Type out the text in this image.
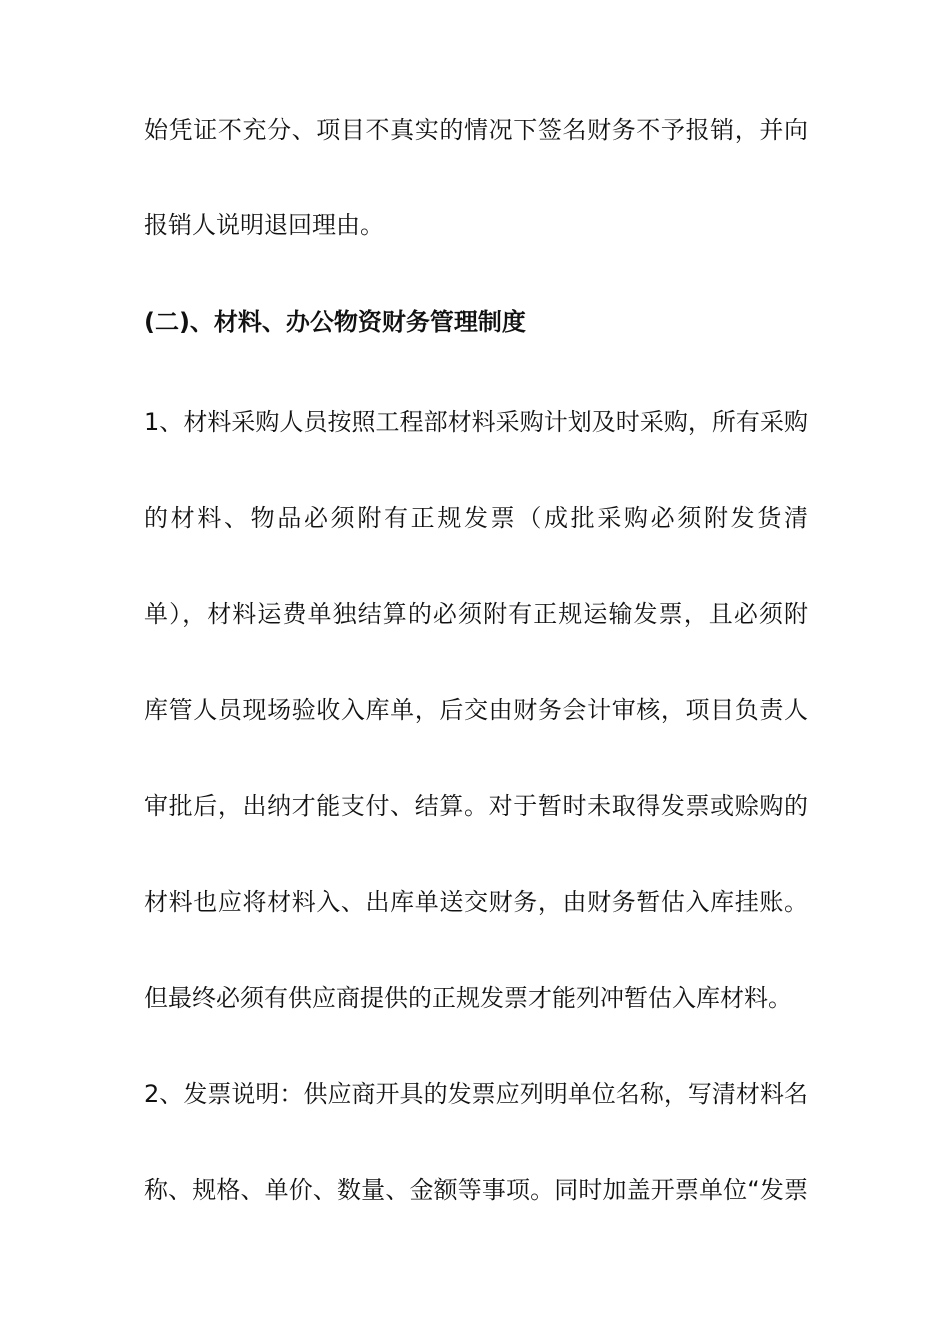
始凭证不充分、项目不真实的情况下签名财务不予报销，并向
报销人说明退回理由。
(二)、材料、办公物资财务管理制度
1、材料采购人员按照工程部材料采购计划及时采购，所有采购
的材料、物品必须附有正规发票（成批采购必须附发货清
单），材料运费单独结算的必须附有正规运输发票，且必须附
库管人员现场验收入库单，后交由财务会计审核，项目负责人
审批后，出纳才能支付、结算。对于暂时未取得发票或赊购的
材料也应将材料入、出库单送交财务，由财务暂估入库挂账。
但最终必须有供应商提供的正规发票才能列冲暂估入库材料。
2、发票说明：供应商开具的发票应列明单位名称，写清材料名
称、规格、单价、数量、金额等事项。同时加盖开票单位“发票
